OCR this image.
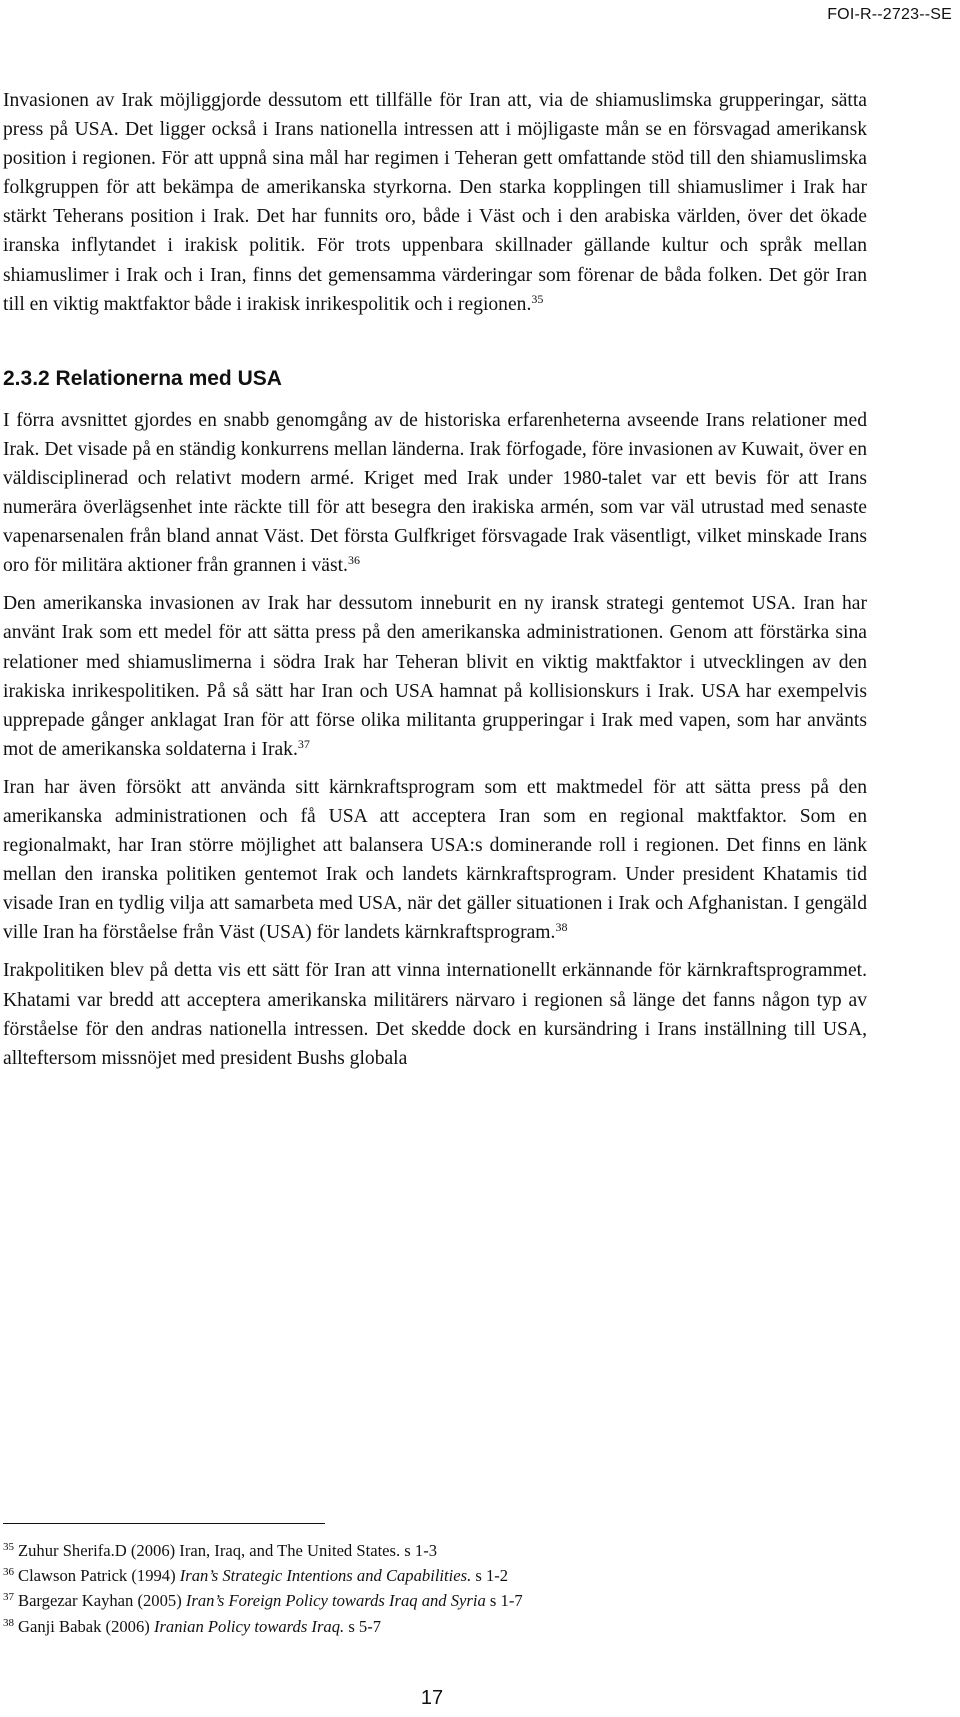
FOI-R--2723--SE

Invasionen av Irak möjliggjorde dessutom ett tillfälle för Iran att, via de shiamuslimska grupperingar, sätta press på USA. Det ligger också i Irans nationella intressen att i möjligaste mån se en försvagad amerikansk position i regionen. För att uppnå sina mål har regimen i Teheran gett omfattande stöd till den shiamuslimska folkgruppen för att bekämpa de amerikanska styrkorna. Den starka kopplingen till shiamuslimer i Irak har stärkt Teherans position i Irak. Det har funnits oro, både i Väst och i den arabiska världen, över det ökade iranska inflytandet i irakisk politik. För trots uppenbara skillnader gällande kultur och språk mellan shiamuslimer i Irak och i Iran, finns det gemensamma värderingar som förenar de båda folken. Det gör Iran till en viktig maktfaktor både i irakisk inrikespolitik och i regionen.$^{35}$

2.3.2 Relationerna med USA

I förra avsnittet gjordes en snabb genomgång av de historiska erfarenheterna avseende Irans relationer med Irak. Det visade på en ständig konkurrens mellan länderna. Irak förfogade, före invasionen av Kuwait, över en väldisciplinerad och relativt modern armé. Kriget med Irak under 1980-talet var ett bevis för att Irans numerära överlägsenhet inte räckte till för att besegra den irakiska armén, som var väl utrustad med senaste vapenarsenalen från bland annat Väst. Det första Gulfkriget försvagade Irak väsentligt, vilket minskade Irans oro för militära aktioner från grannen i väst.$^{36}$

Den amerikanska invasionen av Irak har dessutom inneburit en ny iransk strategi gentemot USA. Iran har använt Irak som ett medel för att sätta press på den amerikanska administrationen. Genom att förstärka sina relationer med shiamuslimerna i södra Irak har Teheran blivit en viktig maktfaktor i utvecklingen av den irakiska inrikespolitiken. På så sätt har Iran och USA hamnat på kollisionskurs i Irak. USA har exempelvis upprepade gånger anklagat Iran för att förse olika militanta grupperingar i Irak med vapen, som har använts mot de amerikanska soldaterna i Irak.$^{37}$

Iran har även försökt att använda sitt kärnkraftsprogram som ett maktmedel för att sätta press på den amerikanska administrationen och få USA att acceptera Iran som en regional maktfaktor. Som en regionalmakt, har Iran större möjlighet att balansera USA:s dominerande roll i regionen. Det finns en länk mellan den iranska politiken gentemot Irak och landets kärnkraftsprogram. Under president Khatamis tid visade Iran en tydlig vilja att samarbeta med USA, när det gäller situationen i Irak och Afghanistan. I gengäld ville Iran ha förståelse från Väst (USA) för landets kärnkraftsprogram.$^{38}$

Irakpolitiken blev på detta vis ett sätt för Iran att vinna internationellt erkännande för kärnkraftsprogrammet. Khatami var bredd att acceptera amerikanska militärers närvaro i regionen så länge det fanns någon typ av förståelse för den andras nationella intressen. Det skedde dock en kursändring i Irans inställning till USA, allteftersom missnöjet med president Bushs globala

$^{35}$ Zuhur Sherifa.D (2006) Iran, Iraq, and The United States. s 1-3
$^{36}$ Clawson Patrick (1994) Iran’s Strategic Intentions and Capabilities. s 1-2
$^{37}$ Bargezar Kayhan (2005) Iran’s Foreign Policy towards Iraq and Syria s 1-7
$^{38}$ Ganji Babak (2006) Iranian Policy towards Iraq. s 5-7
17
